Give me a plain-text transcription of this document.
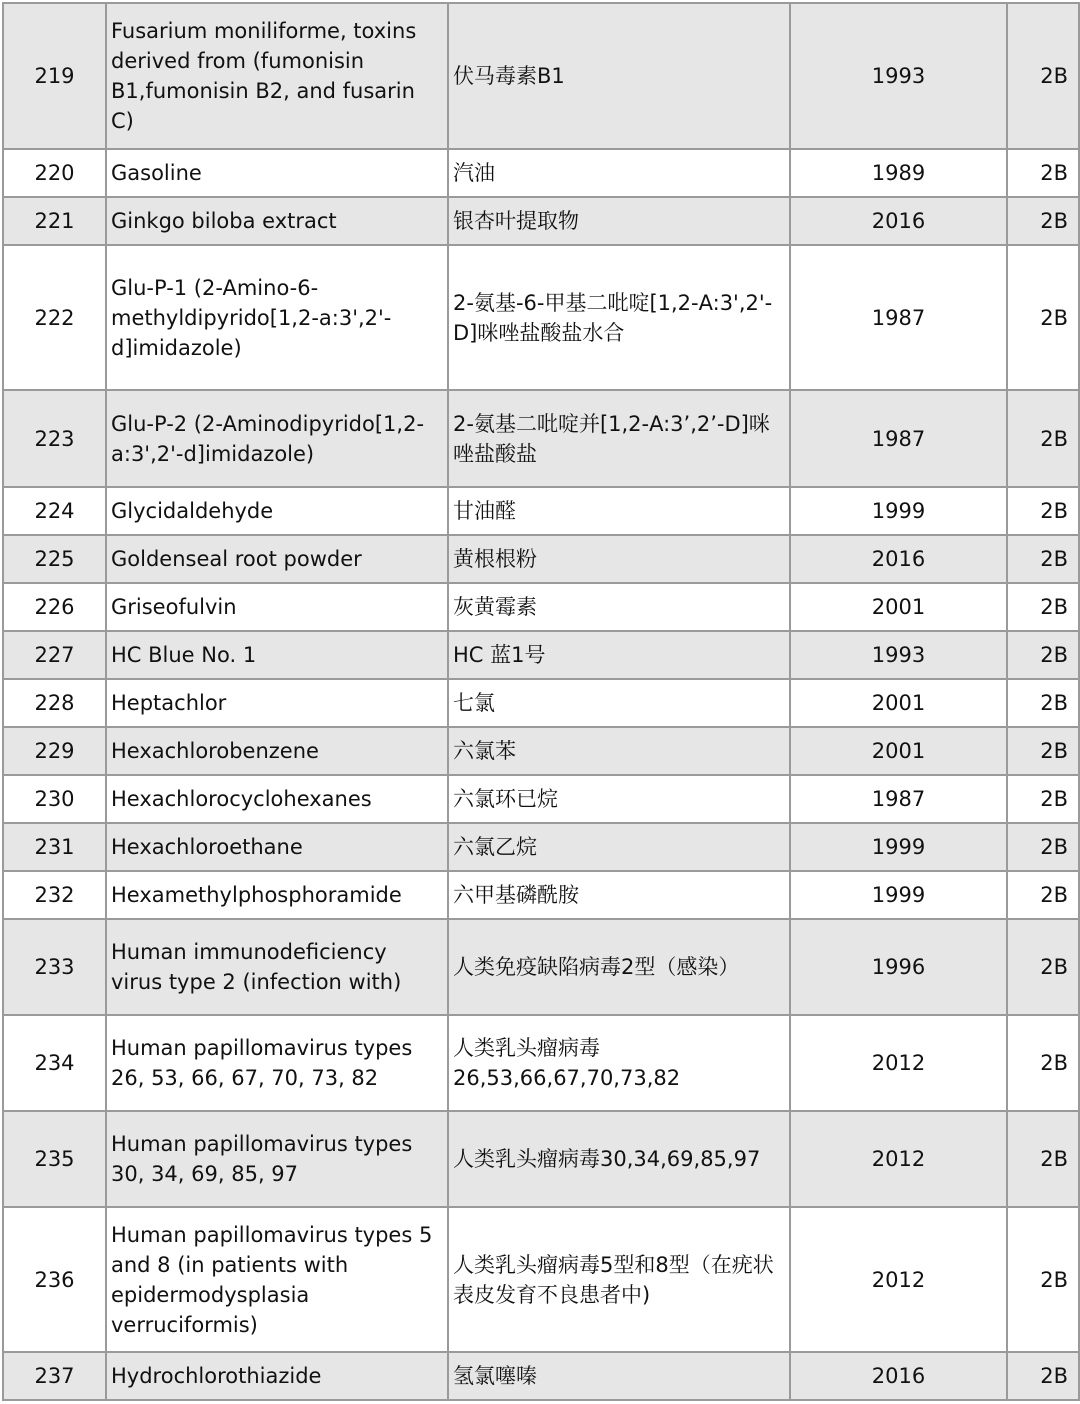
219	Fusarium moniliforme, toxins derived from (fumonisin B1,fumonisin B2, and fusarin C)	伏马毒素B1	1993	2B
220	Gasoline	汽油	1989	2B
221	Ginkgo biloba extract	银杏叶提取物	2016	2B
222	Glu-P-1 (2-Amino-6-methyldipyrido[1,2-a:3',2'-d]imidazole)	2-氨基-6-甲基二吡啶[1,2-A:3',2'-D]咪唑盐酸盐水合	1987	2B
223	Glu-P-2 (2-Aminodipyrido[1,2-a:3',2'-d]imidazole)	2-氨基二吡啶并[1,2-A:3’,2’-D]咪唑盐酸盐	1987	2B
224	Glycidaldehyde	甘油醛	1999	2B
225	Goldenseal root powder	黄根根粉	2016	2B
226	Griseofulvin	灰黄霉素	2001	2B
227	HC Blue No. 1	HC 蓝1号	1993	2B
228	Heptachlor	七氯	2001	2B
229	Hexachlorobenzene	六氯苯	2001	2B
230	Hexachlorocyclohexanes	六氯环已烷	1987	2B
231	Hexachloroethane	六氯乙烷	1999	2B
232	Hexamethylphosphoramide	六甲基磷酰胺	1999	2B
233	Human immunodeficiency virus type 2 (infection with)	人类免疫缺陷病毒2型（感染）	1996	2B
234	Human papillomavirus types 26, 53, 66, 67, 70, 73, 82	人类乳头瘤病毒26,53,66,67,70,73,82	2012	2B
235	Human papillomavirus types 30, 34, 69, 85, 97	人类乳头瘤病毒30,34,69,85,97	2012	2B
236	Human papillomavirus types 5 and 8 (in patients with epidermodysplasia verruciformis)	人类乳头瘤病毒5型和8型（在疣状表皮发育不良患者中)	2012	2B
237	Hydrochlorothiazide	氢氯噻嗪	2016	2B
